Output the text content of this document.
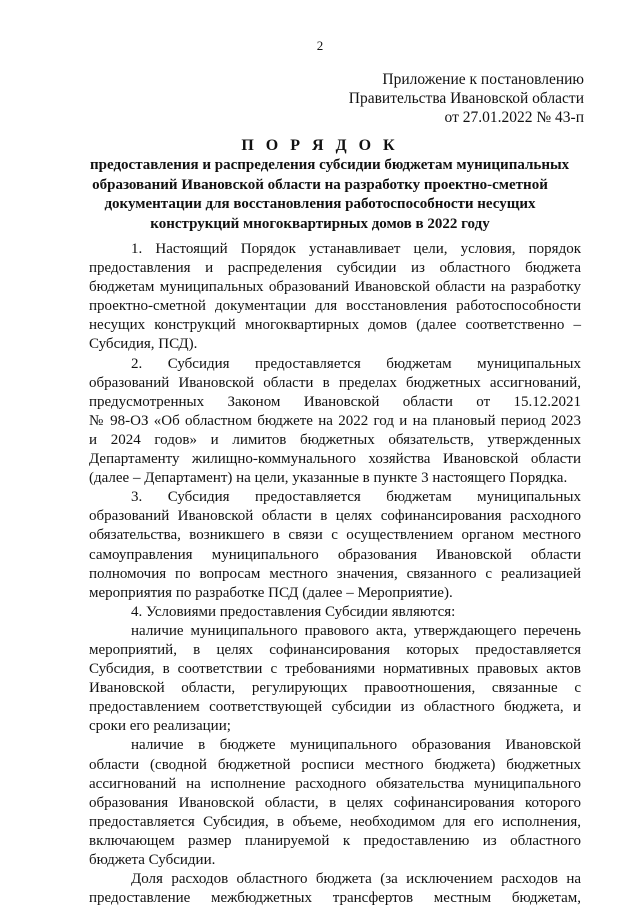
2
Приложение к постановлению
Правительства Ивановской области
от 27.01.2022 № 43-п
П О Р Я Д О К
предоставления и распределения субсидии бюджетам муниципальных
образований Ивановской области на разработку проектно-сметной
документации для восстановления работоспособности несущих
конструкций многоквартирных домов в 2022 году
1. Настоящий Порядок устанавливает цели, условия, порядок
предоставления и распределения субсидии из областного бюджета
бюджетам муниципальных образований Ивановской области на разработку
проектно-сметной документации для восстановления работоспособности
несущих конструкций многоквартирных домов (далее соответственно –
Субсидия, ПСД).
2. Субсидия предоставляется бюджетам муниципальных
образований Ивановской области в пределах бюджетных ассигнований,
предусмотренных Законом Ивановской области от 15.12.2021
№ 98-ОЗ «Об областном бюджете на 2022 год и на плановый период 2023
и 2024 годов» и лимитов бюджетных обязательств, утвержденных
Департаменту жилищно-коммунального хозяйства Ивановской области
(далее – Департамент) на цели, указанные в пункте 3 настоящего Порядка.
3. Субсидия предоставляется бюджетам муниципальных
образований Ивановской области в целях софинансирования расходного
обязательства, возникшего в связи с осуществлением органом местного
самоуправления муниципального образования Ивановской области
полномочия по вопросам местного значения, связанного с реализацией
мероприятия по разработке ПСД (далее – Мероприятие).
4. Условиями предоставления Субсидии являются:
наличие муниципального правового акта, утверждающего перечень
мероприятий, в целях софинансирования которых предоставляется
Субсидия, в соответствии с требованиями нормативных правовых актов
Ивановской области, регулирующих правоотношения, связанные с
предоставлением соответствующей субсидии из областного бюджета, и
сроки его реализации;
наличие в бюджете муниципального образования Ивановской
области (сводной бюджетной росписи местного бюджета) бюджетных
ассигнований на исполнение расходного обязательства муниципального
образования Ивановской области, в целях софинансирования которого
предоставляется Субсидия, в объеме, необходимом для его исполнения,
включающем размер планируемой к предоставлению из областного
бюджета Субсидии.
Доля расходов областного бюджета (за исключением расходов на
предоставление межбюджетных трансфертов местным бюджетам,
